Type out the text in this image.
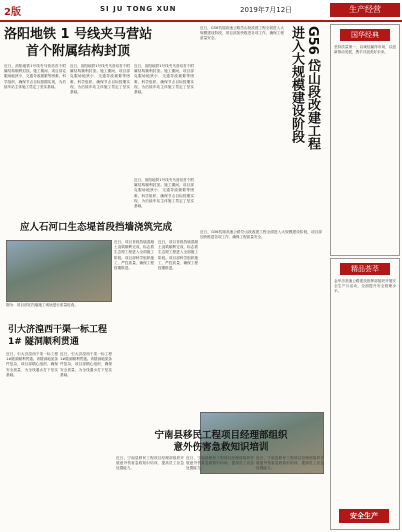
2版	SI JU TONG XUN	2019年7月12日	生产经营
洛阳地铁 1 号线夹马营站
首个附属结构封顶
近日，洛阳地铁1号线夹马营站首个附属结构顺利封顶。施工期间，项目部克服场地狭小、交通导改频繁等困难，科学组织，确保节点目标按期实现，为后续车站主体施工奠定了坚实基础。
近日，洛阳地铁1号线夹马营站首个附属结构顺利封顶。施工期间，项目部克服场地狭小、交通导改频繁等困难，科学组织，确保节点目标按期实现，为后续车站主体施工奠定了坚实基础。
近日，洛阳地铁1号线夹马营站首个附属结构顺利封顶。施工期间，项目部克服场地狭小、交通导改频繁等困难，科学组织，确保节点目标按期实现，为后续车站主体施工奠定了坚实基础。
近日，洛阳地铁1号线夹马营站首个附属结构顺利封顶。施工期间，项目部克服场地狭小、交通导改频繁等困难，科学组织，确保节点目标按期实现，为后续车站主体施工奠定了坚实基础。
应人石河口生态堤首段挡墙浇筑完成
图为：项目部在挡墙施工现场进行质量检查。
近日，项目首段挡墙混凝土浇筑顺利完成，标志着生态堤工程进入全面施工阶段。项目部科学组织施工，严控质量，确保工程按期推进。
近日，项目首段挡墙混凝土浇筑顺利完成，标志着生态堤工程进入全面施工阶段。项目部科学组织施工，严控质量，确保工程按期推进。
引大济湟西干渠一标工程
1# 隧洞顺利贯通
近日，引大济湟西干渠一标工程1#隧洞顺利贯通。该隧洞地质条件复杂，项目部精心组织，确保安全质量，为全线通水打下坚实基础。
近日，引大济湟西干渠一标工程1#隧洞顺利贯通。该隧洞地质条件复杂，项目部精心组织，确保安全质量，为全线通水打下坚实基础。
近日，G56杭瑞高速公路岱山段改建工程全面进入大规模建设阶段，项目部加快推进各项工作，确保工程质量安全。	G56 岱山段改建工程
进入大规模建设阶段
近日，G56杭瑞高速公路岱山段改建工程全面进入大规模建设阶段，项目部加快推进各项工作，确保工程质量安全。
宁南县移民工程项目经理部组织
意外伤害急救知识培训
近日，宁南县移民工程项目经理部组织开展意外伤害急救知识培训，提高员工应急处置能力。
近日，宁南县移民工程项目经理部组织开展意外伤害急救知识培训，提高员工应急处置能力。
近日，宁南县移民工程项目经理部组织开展意外伤害急救知识培训，提高员工应急处置能力。
国华经典
坚持质量第一，以诚信赢得市场，以创新推动发展，携手共创美好未来。
精品荟萃
金华市高速公路建设指挥部组织开展安全生产月活动，全面提升安全管理水平。
安全生产
